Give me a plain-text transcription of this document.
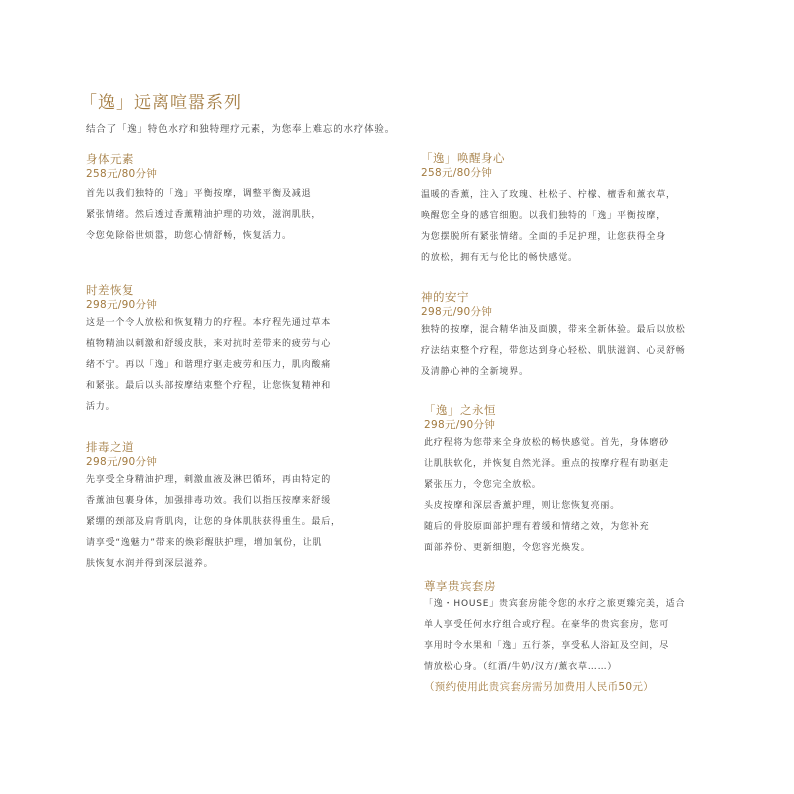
「逸」远离喧嚣系列
结合了「逸」特色水疗和独特理疗元素，为您奉上难忘的水疗体验。
身体元素
258元/80分钟
首先以我们独特的「逸」平衡按摩，调整平衡及减退
紧张情绪。然后透过香薰精油护理的功效，滋润肌肤，
令您免除俗世烦嚣，助您心情舒畅，恢复活力。
时差恢复
298元/90分钟
这是一个令人放松和恢复精力的疗程。本疗程先通过草本
植物精油以刺激和舒缓皮肤，来对抗时差带来的疲劳与心
绪不宁。再以「逸」和谐理疗驱走疲劳和压力，肌肉酸痛
和紧张。最后以头部按摩结束整个疗程，让您恢复精神和
活力。
排毒之道
298元/90分钟
先享受全身精油护理，刺激血液及淋巴循环，再由特定的
香薰油包裹身体，加强排毒功效。我们以指压按摩来舒缓
紧绷的颈部及肩背肌肉，让您的身体肌肤获得重生。最后，
请享受“逸魅力”带来的焕彩醒肤护理，增加氧份，让肌
肤恢复水润并得到深层滋养。
「逸」唤醒身心
258元/80分钟
温暖的香薰，注入了玫瑰、杜松子、柠檬、檀香和薰衣草，
唤醒您全身的感官细胞。以我们独特的「逸」平衡按摩，
为您摆脱所有紧张情绪。全面的手足护理，让您获得全身
的放松，拥有无与伦比的畅快感觉。
神的安宁
298元/90分钟
独特的按摩，混合精华油及面膜，带来全新体验。最后以放松
疗法结束整个疗程，带您达到身心轻松、肌肤滋润、心灵舒畅
及清静心神的全新境界。
「逸」之永恒
298元/90分钟
此疗程将为您带来全身放松的畅快感觉。首先，身体磨砂
让肌肤软化，并恢复自然光泽。重点的按摩疗程有助驱走
紧张压力，令您完全放松。
头皮按摩和深层香薰护理，则让您恢复亮丽。
随后的骨胶原面部护理有着缓和情绪之效，为您补充
面部养份、更新细胞，令您容光焕发。
尊享贵宾套房
「逸・HOUSE」贵宾套房能令您的水疗之旅更臻完美，适合
单人享受任何水疗组合或疗程。在豪华的贵宾套房，您可
享用时令水果和「逸」五行茶，享受私人浴缸及空间，尽
情放松心身。（红酒/牛奶/汉方/薰衣草……）
（预约使用此贵宾套房需另加费用人民币50元）
